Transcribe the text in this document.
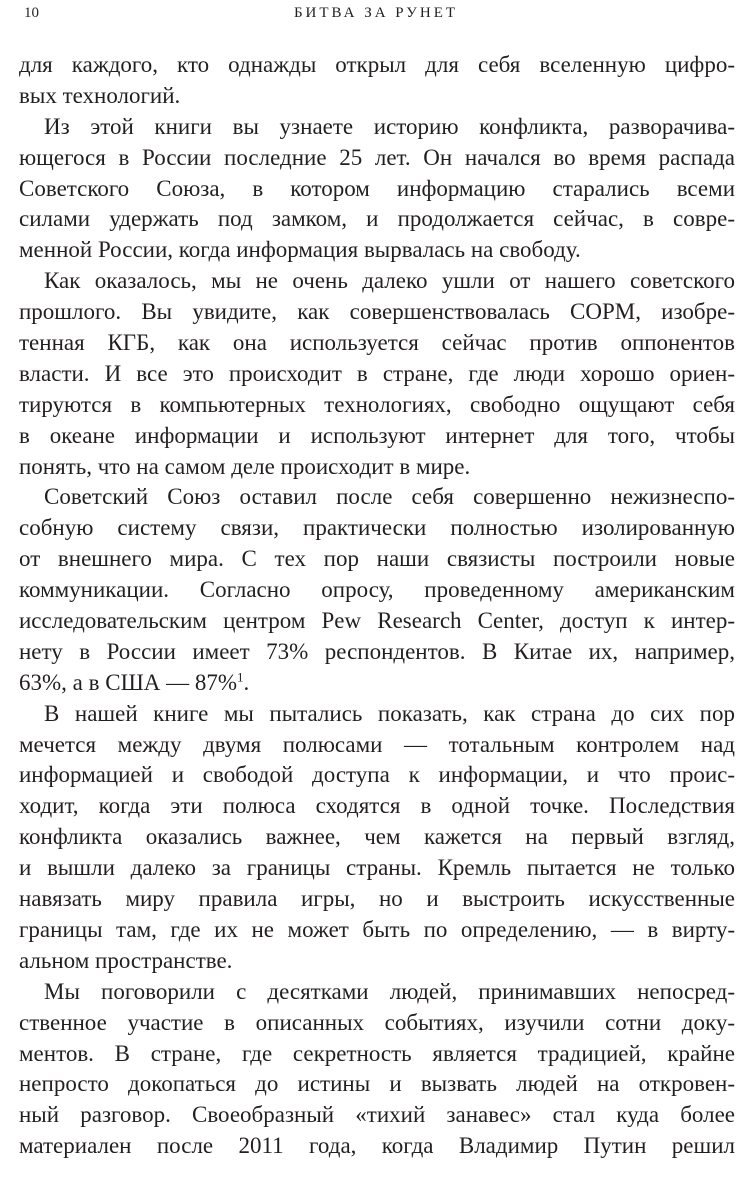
10	БИТВА ЗА РУНЕТ
для каждого, кто однажды открыл для себя вселенную цифро-
вых технологий.
Из этой книги вы узнаете историю конфликта, разворачива-
ющегося в России последние 25 лет. Он начался во время распада
Советского Союза, в котором информацию старались всеми
силами удержать под замком, и продолжается сейчас, в совре-
менной России, когда информация вырвалась на свободу.
Как оказалось, мы не очень далеко ушли от нашего советского
прошлого. Вы увидите, как совершенствовалась СОРМ, изобре-
тенная КГБ, как она используется сейчас против оппонентов
власти. И все это происходит в стране, где люди хорошо ориен-
тируются в компьютерных технологиях, свободно ощущают себя
в океане информации и используют интернет для того, чтобы
понять, что на самом деле происходит в мире.
Советский Союз оставил после себя совершенно нежизнеспо-
собную систему связи, практически полностью изолированную
от внешнего мира. С тех пор наши связисты построили новые
коммуникации. Согласно опросу, проведенному американским
исследовательским центром Pew Research Center, доступ к интер-
нету в России имеет 73% респондентов. В Китае их, например,
63%, а в США — 87%$^1$.
В нашей книге мы пытались показать, как страна до сих пор
мечется между двумя полюсами — тотальным контролем над
информацией и свободой доступа к информации, и что проис-
ходит, когда эти полюса сходятся в одной точке. Последствия
конфликта оказались важнее, чем кажется на первый взгляд,
и вышли далеко за границы страны. Кремль пытается не только
навязать миру правила игры, но и выстроить искусственные
границы там, где их не может быть по определению, — в вирту-
альном пространстве.
Мы поговорили с десятками людей, принимавших непосред-
ственное участие в описанных событиях, изучили сотни доку-
ментов. В стране, где секретность является традицией, крайне
непросто докопаться до истины и вызвать людей на откровен-
ный разговор. Своеобразный «тихий занавес» стал куда более
материален после 2011 года, когда Владимир Путин решил
